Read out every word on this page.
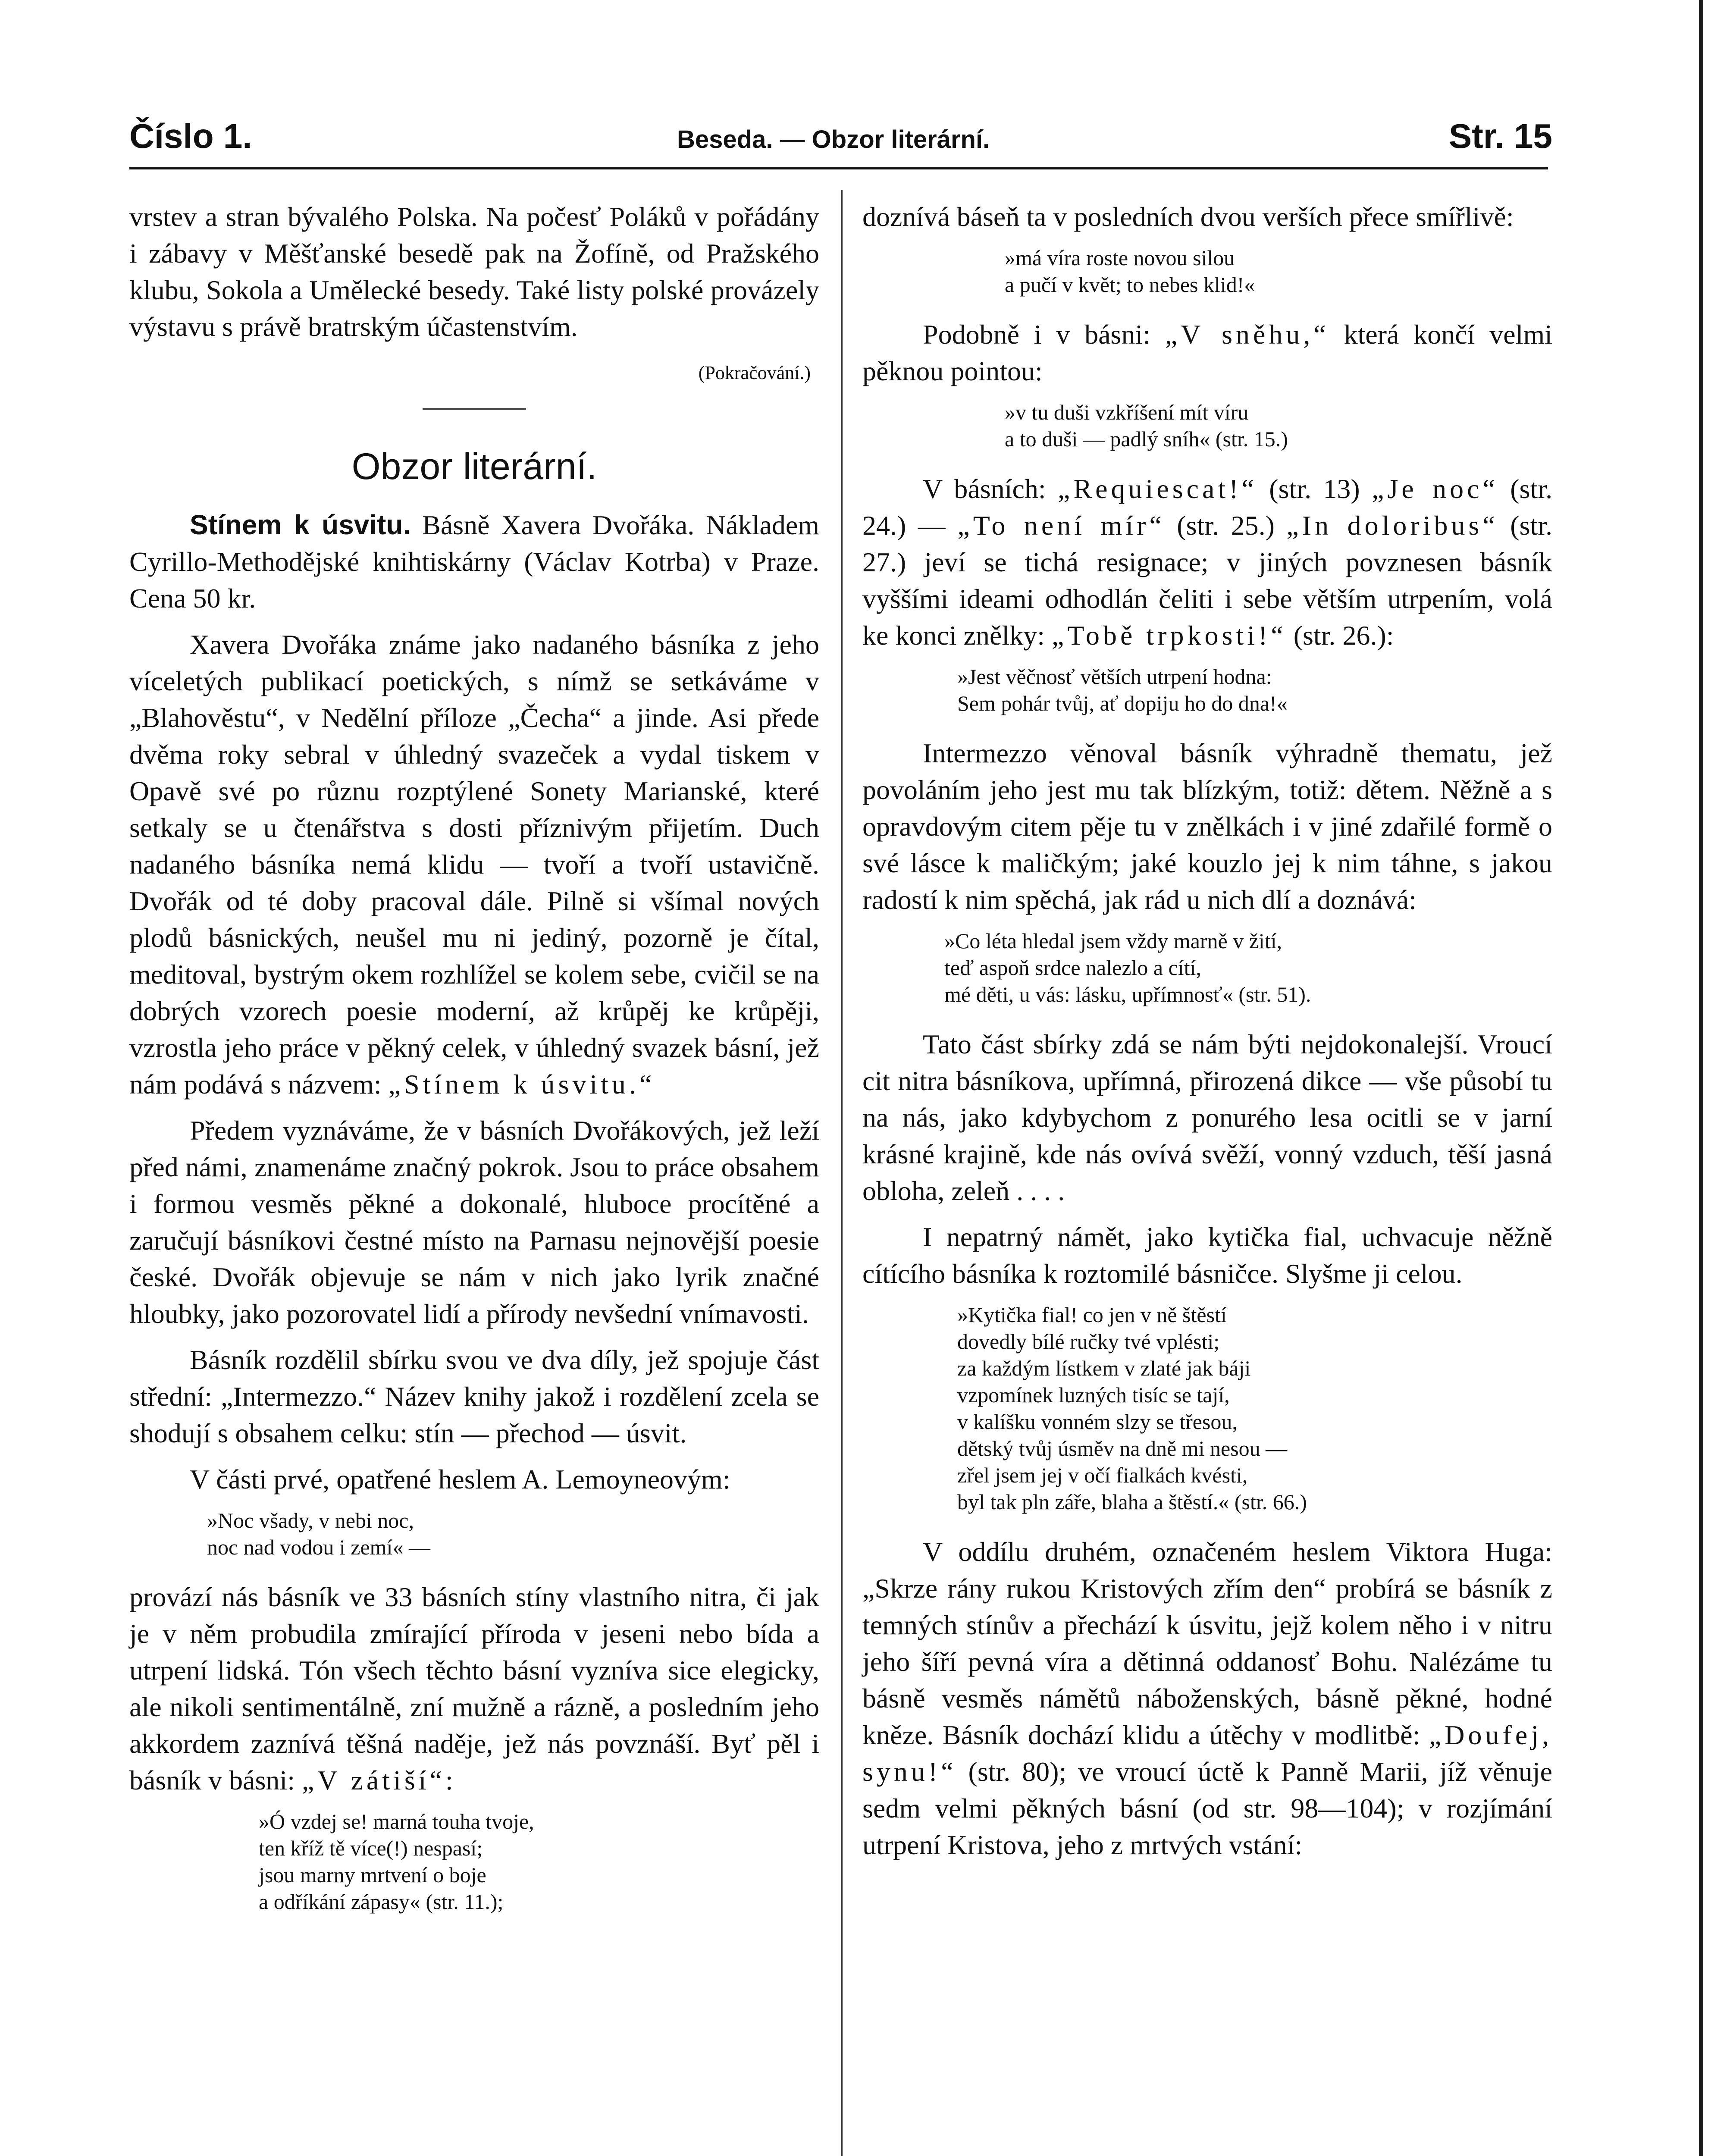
Číslo 1.	Beseda. — Obzor literární.	Str. 15

vrstev a stran bývalého Polska. Na počesť Poláků v pořádány i zábavy v Měšťanské besedě pak na Žofíně, od Pražského klubu, Sokola a Umělecké besedy. Také listy polské provázely výstavu s právě bratrským účastenstvím.

(Pokračování.)
Obzor literární.

Stínem k úsvitu. Básně Xavera Dvořáka. Nákladem Cyrillo-Methodějské knihtiskárny (Václav Kotrba) v Praze. Cena 50 kr.

Xavera Dvořáka známe jako nadaného básníka z jeho víceletých publikací poetických, s nímž se setkáváme v „Blahověstu“, v Nedělní příloze „Čecha“ a jinde. Asi přede dvěma roky sebral v úhledný svazeček a vydal tiskem v Opavě své po různu rozptýlené Sonety Marianské, které setkaly se u čtenářstva s dosti příznivým přijetím. Duch nadaného básníka nemá klidu — tvoří a tvoří ustavičně. Dvořák od té doby pracoval dále. Pilně si všímal nových plodů básnických, neušel mu ni jediný, pozorně je čítal, meditoval, bystrým okem rozhlížel se kolem sebe, cvičil se na dobrých vzorech poesie moderní, až krůpěj ke krůpěji, vzrostla jeho práce v pěkný celek, v úhledný svazek básní, jež nám podává s názvem: „Stínem k úsvitu.“

Předem vyznáváme, že v básních Dvořákových, jež leží před námi, znamenáme značný pokrok. Jsou to práce obsahem i formou vesměs pěkné a dokonalé, hluboce procítěné a zaručují básníkovi čestné místo na Parnasu nejnovější poesie české. Dvořák objevuje se nám v nich jako lyrik značné hloubky, jako pozorovatel lidí a přírody nevšední vnímavosti.

Básník rozdělil sbírku svou ve dva díly, jež spojuje část střední: „Intermezzo.“ Název knihy jakož i rozdělení zcela se shodují s obsahem celku: stín — přechod — úsvit.

V části prvé, opatřené heslem A. Lemoyneovým:

»Noc všady, v nebi noc,
noc nad vodou i zemí« —

provází nás básník ve 33 básních stíny vlastního nitra, či jak je v něm probudila zmírající příroda v jeseni nebo bída a utrpení lidská. Tón všech těchto básní vyzníva sice elegicky, ale nikoli sentimentálně, zní mužně a rázně, a posledním jeho akkordem zaznívá těšná naděje, jež nás povznáší. Byť pěl i básník v básni: „V zátiší“:

»Ó vzdej se! marná touha tvoje,
ten kříž tě více(!) nespasí;
jsou marny mrtvení o boje
a odříkání zápasy« (str. 11.);

doznívá báseň ta v posledních dvou verších přece smířlivě:

»má víra roste novou silou
a pučí v květ; to nebes klid!«

Podobně i v básni: „V sněhu,“ která končí velmi pěknou pointou:

»v tu duši vzkříšení mít víru
a to duši — padlý sníh« (str. 15.)

V básních: „Requiescat!“ (str. 13) „Je noc“ (str. 24.) — „To není mír“ (str. 25.) „In doloribus“ (str. 27.) jeví se tichá resignace; v jiných povznesen básník vyššími ideami odhodlán čeliti i sebe větším utrpením, volá ke konci znělky: „Tobě trpkosti!“ (str. 26.):

»Jest věčnosť větších utrpení hodna:
Sem pohár tvůj, ať dopiju ho do dna!«

Intermezzo věnoval básník výhradně thematu, jež povoláním jeho jest mu tak blízkým, totiž: dětem. Něžně a s opravdovým citem pěje tu v znělkách i v jiné zdařilé formě o své lásce k maličkým; jaké kouzlo jej k nim táhne, s jakou radostí k nim spěchá, jak rád u nich dlí a doznává:

»Co léta hledal jsem vždy marně v žití,
teď aspoň srdce nalezlo a cítí,
mé děti, u vás: lásku, upřímnosť« (str. 51).

Tato část sbírky zdá se nám býti nejdokonalejší. Vroucí cit nitra básníkova, upřímná, přirozená dikce — vše působí tu na nás, jako kdybychom z ponurého lesa ocitli se v jarní krásné krajině, kde nás ovívá svěží, vonný vzduch, těší jasná obloha, zeleň . . . .

I nepatrný námět, jako kytička fial, uchvacuje něžně cítícího básníka k roztomilé básničce. Slyšme ji celou.

»Kytička fial! co jen v ně štěstí
dovedly bílé ručky tvé vplésti;
za každým lístkem v zlaté jak báji
vzpomínek luzných tisíc se tají,
v kalíšku vonném slzy se třesou,
dětský tvůj úsměv na dně mi nesou —
zřel jsem jej v očí fialkách kvésti,
byl tak pln záře, blaha a štěstí.« (str. 66.)

V oddílu druhém, označeném heslem Viktora Huga: „Skrze rány rukou Kristových zřím den“ probírá se básník z temných stínův a přechází k úsvitu, jejž kolem něho i v nitru jeho šíří pevná víra a dětinná oddanosť Bohu. Nalézáme tu básně vesměs námětů náboženských, básně pěkné, hodné kněze. Básník dochází klidu a útěchy v modlitbě: „Doufej, synu!“ (str. 80); ve vroucí úctě k Panně Marii, jíž věnuje sedm velmi pěkných básní (od str. 98—104); v rozjímání utrpení Kristova, jeho z mrtvých vstání:
